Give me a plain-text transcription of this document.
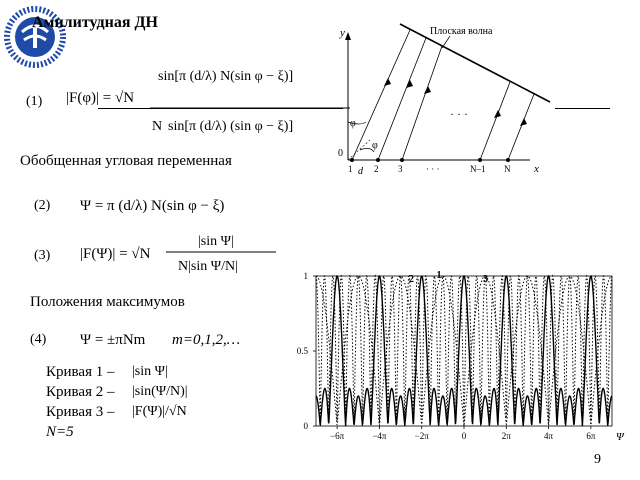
Амплитудная ДН
(1) |F(φ)| = √N
sin[π (d/λ) N(sin φ − ξ)]
N sin[π (d/λ) (sin φ − ξ)]
Обобщенная угловая переменная
(2) Ψ = π (d/λ) N(sin φ − ξ)
(3) |F(Ψ)| = √N
|sin Ψ|
N|sin Ψ/N|
Положения максимумов
(4) Ψ = ±πNm m=0,1,2,…
Кривая 1 – |sin Ψ|
Кривая 2 – |sin(Ψ/N)|
Кривая 3 – |F(Ψ)|/√N
N=5
y
x
0
Плоская волна
· · ·
φ
φ
d
1 2 3	· · ·	N–1 N
0
0.5
1
−6π	−4π	−2π	0	2π	4π	6π Ψ
1
2	3
9
